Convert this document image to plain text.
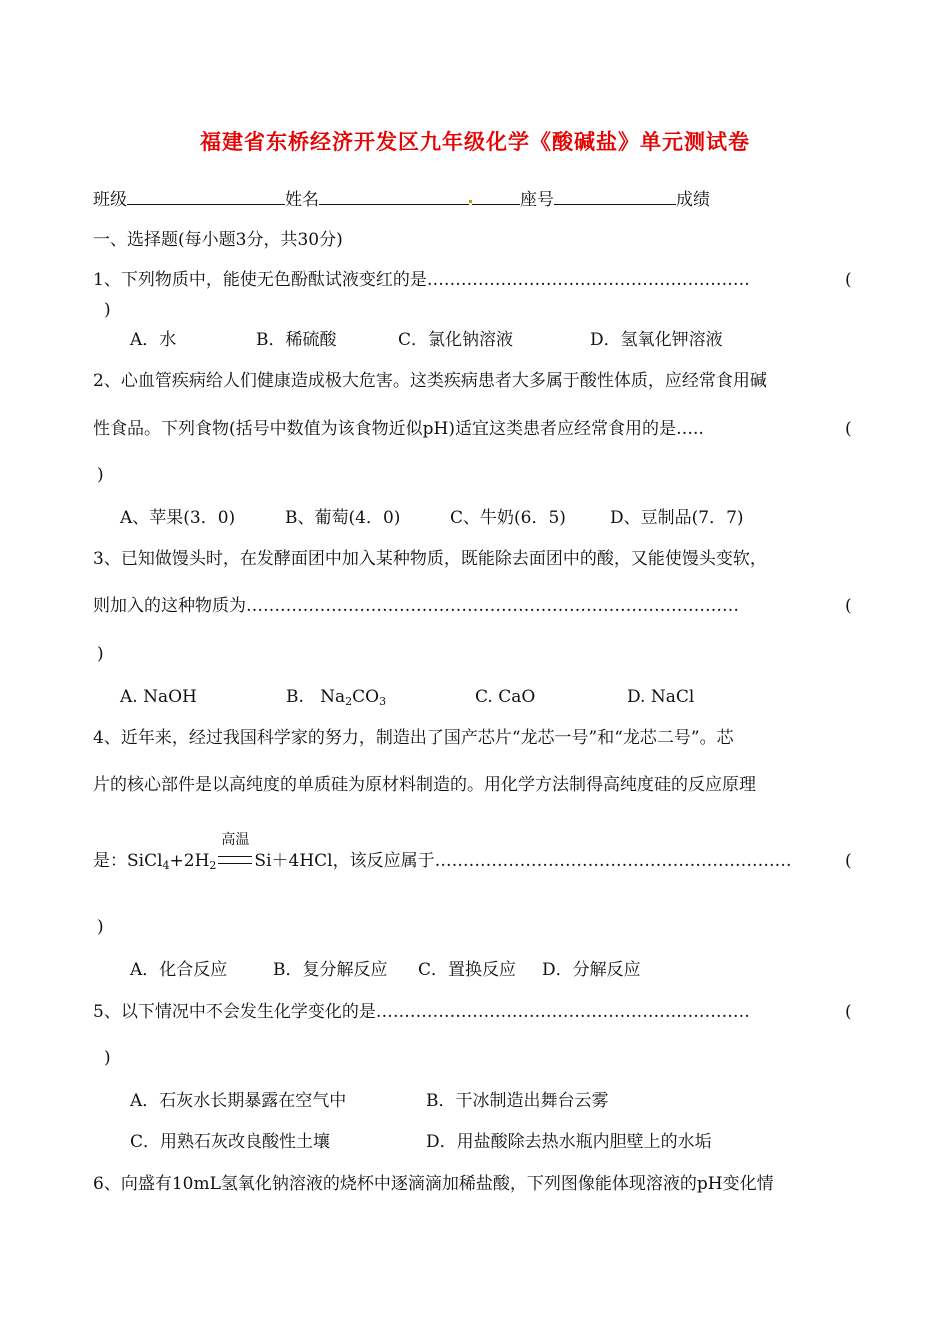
福建省东桥经济开发区九年级化学《酸碱盐》单元测试卷
班级	姓名	座号	成绩
一、选择题(每小题3分，共30分)
1、下列物质中，能使无色酚酞试液变红的是…………………………………………………	(
)
A．水	B．稀硫酸	C．氯化钠溶液	D．氢氧化钾溶液
2、心血管疾病给人们健康造成极大危害。这类疾病患者大多属于酸性体质，应经常食用碱
性食品。下列食物(括号中数值为该食物近似pH)适宜这类患者应经常食用的是…..	(
)
A、苹果(3．0)	B、葡萄(4．0)	C、牛奶(6．5)	D、豆制品(7．7)
3、已知做馒头时，在发酵面团中加入某种物质，既能除去面团中的酸，又能使馒头变软，
则加入的这种物质为……………………………………………………………………………	(
)
A. NaOH	B. $Na_2CO_3$	C. CaO	D. NaCl
4、近年来，经过我国科学家的努力，制造出了国产芯片“龙芯一号”和“龙芯二号”。芯
片的核心部件是以高纯度的单质硅为原材料制造的。用化学方法制得高纯度硅的反应原理
是：$SiCl_4+2H_2$
高温
Si＋4HCl，该反应属于………………………………………………………	(
)
A．化合反应	B．复分解反应 C．置换反应 D．分解反应
5、以下情况中不会发生化学变化的是…………………………………………………………	(
)
A．石灰水长期暴露在空气中	B．干冰制造出舞台云雾
C．用熟石灰改良酸性土壤	D．用盐酸除去热水瓶内胆壁上的水垢
6、向盛有10mL氢氧化钠溶液的烧杯中逐滴滴加稀盐酸，下列图像能体现溶液的pH变化情
